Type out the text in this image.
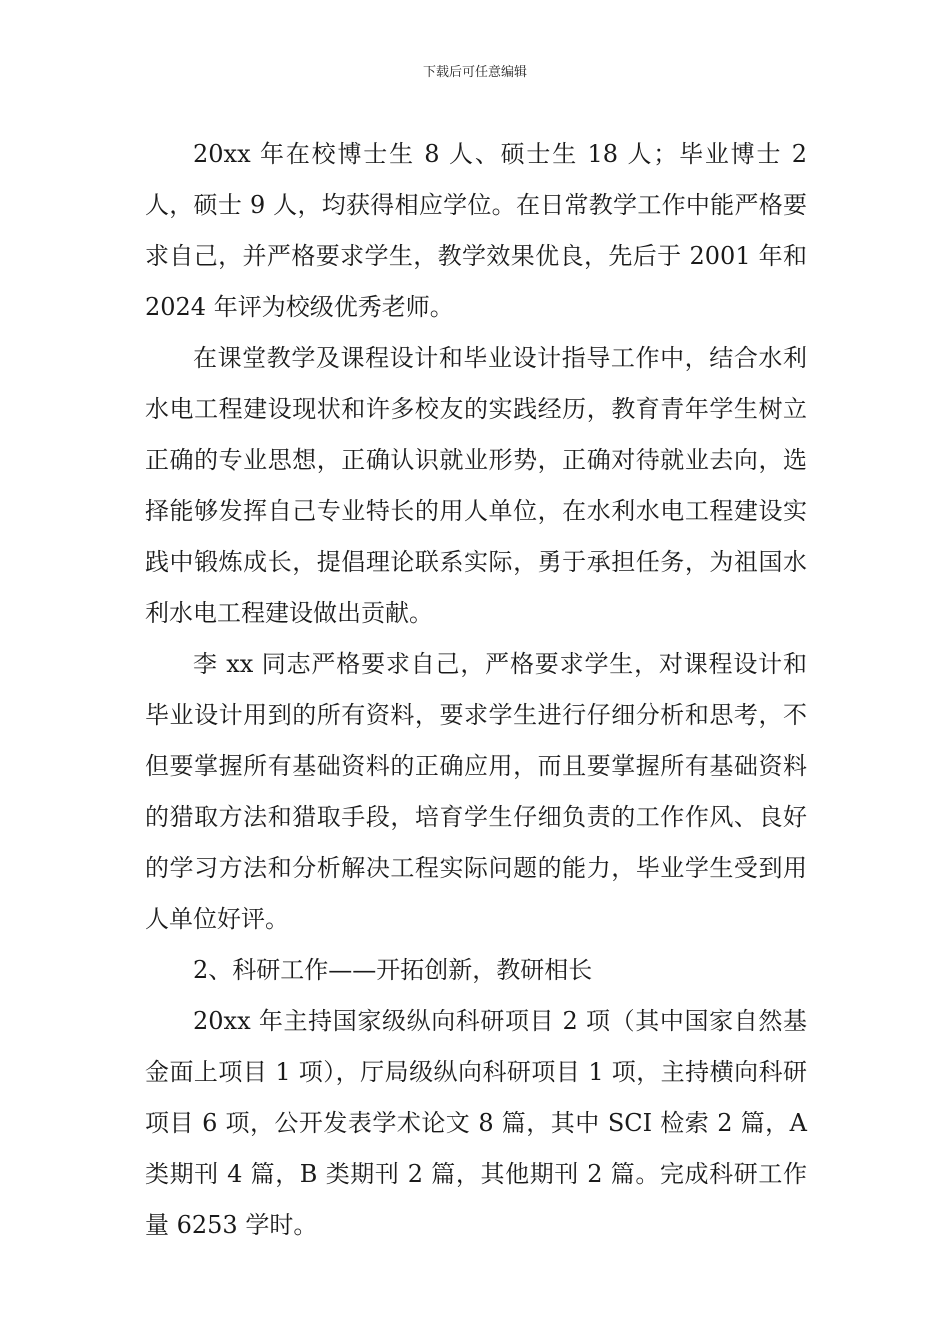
下载后可任意编辑

20xx 年在校博士生 8 人、硕士生 18 人；毕业博士 2 人，硕士 9 人，均获得相应学位。在日常教学工作中能严格要求自己，并严格要求学生，教学效果优良，先后于 2001 年和 2024 年评为校级优秀老师。

在课堂教学及课程设计和毕业设计指导工作中，结合水利水电工程建设现状和许多校友的实践经历，教育青年学生树立正确的专业思想，正确认识就业形势，正确对待就业去向，选择能够发挥自己专业特长的用人单位，在水利水电工程建设实践中锻炼成长，提倡理论联系实际，勇于承担任务，为祖国水利水电工程建设做出贡献。

李 xx 同志严格要求自己，严格要求学生，对课程设计和毕业设计用到的所有资料，要求学生进行仔细分析和思考，不但要掌握所有基础资料的正确应用，而且要掌握所有基础资料的猎取方法和猎取手段，培育学生仔细负责的工作作风、良好的学习方法和分析解决工程实际问题的能力，毕业学生受到用人单位好评。

2、科研工作——开拓创新，教研相长

20xx 年主持国家级纵向科研项目 2 项（其中国家自然基金面上项目 1 项），厅局级纵向科研项目 1 项，主持横向科研项目 6 项，公开发表学术论文 8 篇，其中 SCI 检索 2 篇，A 类期刊 4 篇，B 类期刊 2 篇，其他期刊 2 篇。完成科研工作量 6253 学时。
